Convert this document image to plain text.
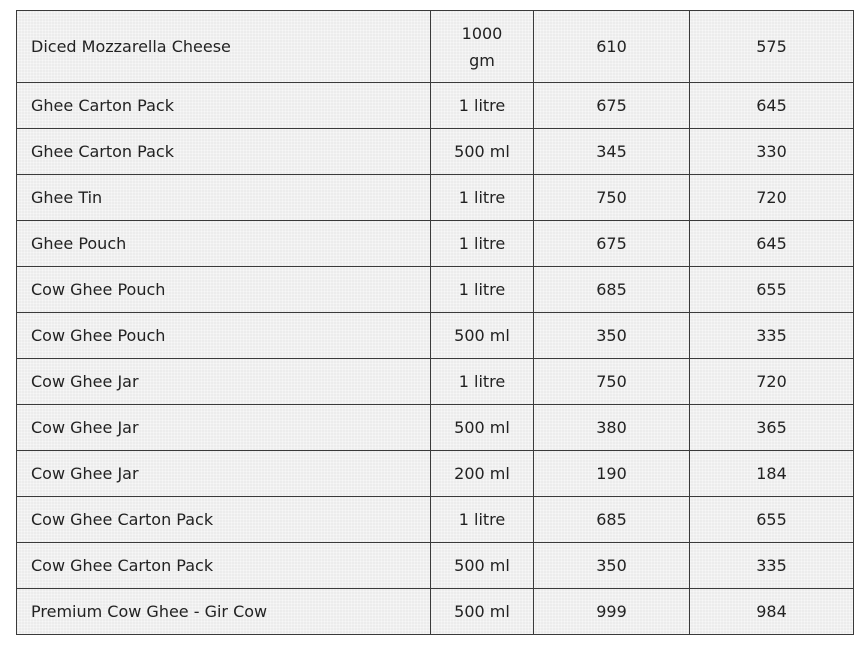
Diced Mozzarella Cheese	1000 gm	610	575
Ghee Carton Pack	1 litre	675	645
Ghee Carton Pack	500 ml	345	330
Ghee Tin	1 litre	750	720
Ghee Pouch	1 litre	675	645
Cow Ghee Pouch	1 litre	685	655
Cow Ghee Pouch	500 ml	350	335
Cow Ghee Jar	1 litre	750	720
Cow Ghee Jar	500 ml	380	365
Cow Ghee Jar	200 ml	190	184
Cow Ghee Carton Pack	1 litre	685	655
Cow Ghee Carton Pack	500 ml	350	335
Premium Cow Ghee - Gir Cow	500 ml	999	984
